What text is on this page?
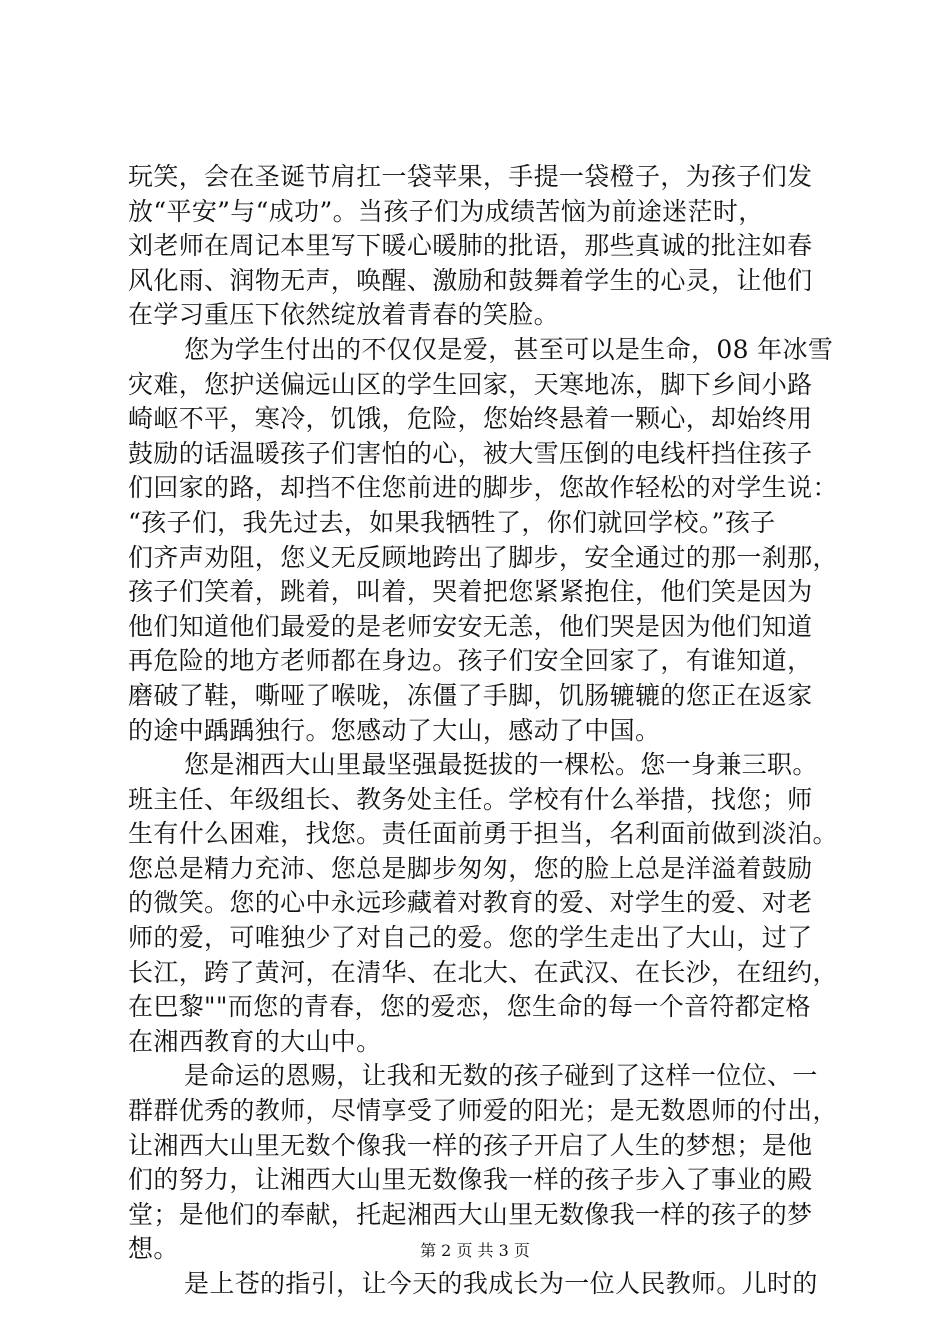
玩笑，会在圣诞节肩扛一袋苹果，手提一袋橙子，为孩子们发
放“平安”与“成功”。当孩子们为成绩苦恼为前途迷茫时，
刘老师在周记本里写下暖心暖肺的批语，那些真诚的批注如春
风化雨、润物无声，唤醒、激励和鼓舞着学生的心灵，让他们
在学习重压下依然绽放着青春的笑脸。
您为学生付出的不仅仅是爱，甚至可以是生命，08 年冰雪
灾难，您护送偏远山区的学生回家，天寒地冻，脚下乡间小路
崎岖不平，寒冷，饥饿，危险，您始终悬着一颗心，却始终用
鼓励的话温暖孩子们害怕的心，被大雪压倒的电线杆挡住孩子
们回家的路，却挡不住您前进的脚步，您故作轻松的对学生说：
“孩子们，我先过去，如果我牺牲了，你们就回学校。”孩子
们齐声劝阻，您义无反顾地跨出了脚步，安全通过的那一刹那，
孩子们笑着，跳着，叫着，哭着把您紧紧抱住，他们笑是因为
他们知道他们最爱的是老师安安无恙，他们哭是因为他们知道
再危险的地方老师都在身边。孩子们安全回家了，有谁知道，
磨破了鞋，嘶哑了喉咙，冻僵了手脚，饥肠辘辘的您正在返家
的途中踽踽独行。您感动了大山，感动了中国。
您是湘西大山里最坚强最挺拔的一棵松。您一身兼三职。
班主任、年级组长、教务处主任。学校有什么举措，找您；师
生有什么困难，找您。责任面前勇于担当，名利面前做到淡泊。
您总是精力充沛、您总是脚步匆匆，您的脸上总是洋溢着鼓励
的微笑。您的心中永远珍藏着对教育的爱、对学生的爱、对老
师的爱，可唯独少了对自己的爱。您的学生走出了大山，过了
长江，跨了黄河，在清华、在北大、在武汉、在长沙，在纽约，
在巴黎""而您的青春，您的爱恋，您生命的每一个音符都定格
在湘西教育的大山中。
是命运的恩赐，让我和无数的孩子碰到了这样一位位、一
群群优秀的教师，尽情享受了师爱的阳光；是无数恩师的付出，
让湘西大山里无数个像我一样的孩子开启了人生的梦想；是他
们的努力，让湘西大山里无数像我一样的孩子步入了事业的殿
堂；是他们的奉献，托起湘西大山里无数像我一样的孩子的梦
想。
是上苍的指引，让今天的我成长为一位人民教师。儿时的
第 2 页 共 3 页
